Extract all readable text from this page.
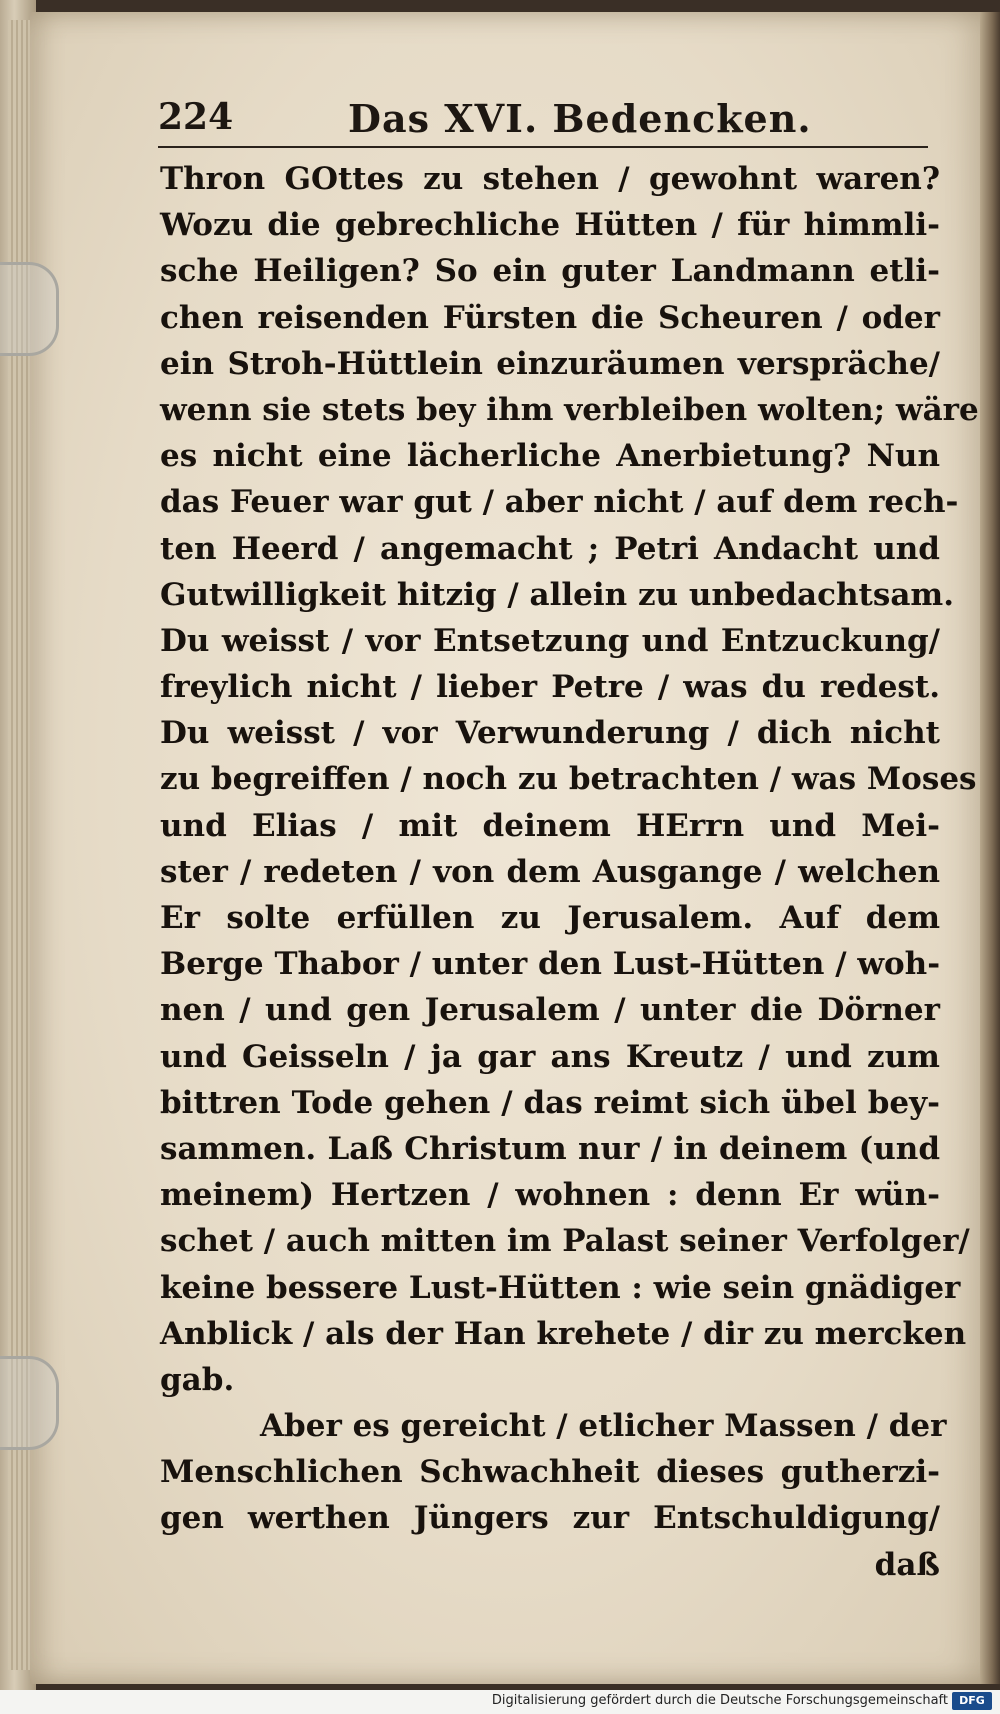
224	Das XVI. Bedencken.
Thron GOttes zu stehen / gewohnt waren?
Wozu die gebrechliche Hütten / für himmli-
sche Heiligen? So ein guter Landmann etli-
chen reisenden Fürsten die Scheuren / oder
ein Stroh-Hüttlein einzuräumen verspräche/
wenn sie stets bey ihm verbleiben wolten; wäre
es nicht eine lächerliche Anerbietung? Nun
das Feuer war gut / aber nicht / auf dem rech-
ten Heerd / angemacht ; Petri Andacht und
Gutwilligkeit hitzig / allein zu unbedachtsam.
Du weisst / vor Entsetzung und Entzuckung/
freylich nicht / lieber Petre / was du redest.
Du weisst / vor Verwunderung / dich nicht
zu begreiffen / noch zu betrachten / was Moses
und Elias / mit deinem HErrn und Mei-
ster / redeten / von dem Ausgange / welchen
Er solte erfüllen zu Jerusalem. Auf dem
Berge Thabor / unter den Lust-Hütten / woh-
nen / und gen Jerusalem / unter die Dörner
und Geisseln / ja gar ans Kreutz / und zum
bittren Tode gehen / das reimt sich übel bey-
sammen. Laß Christum nur / in deinem (und
meinem) Hertzen / wohnen : denn Er wün-
schet / auch mitten im Palast seiner Verfolger/
keine bessere Lust-Hütten : wie sein gnädiger
Anblick / als der Han krehete / dir zu mercken
gab.
Aber es gereicht / etlicher Massen / der
Menschlichen Schwachheit dieses gutherzi-
gen werthen Jüngers zur Entschuldigung/
daß
Digitalisierung gefördert durch die Deutsche Forschungsgemeinschaft	DFG
